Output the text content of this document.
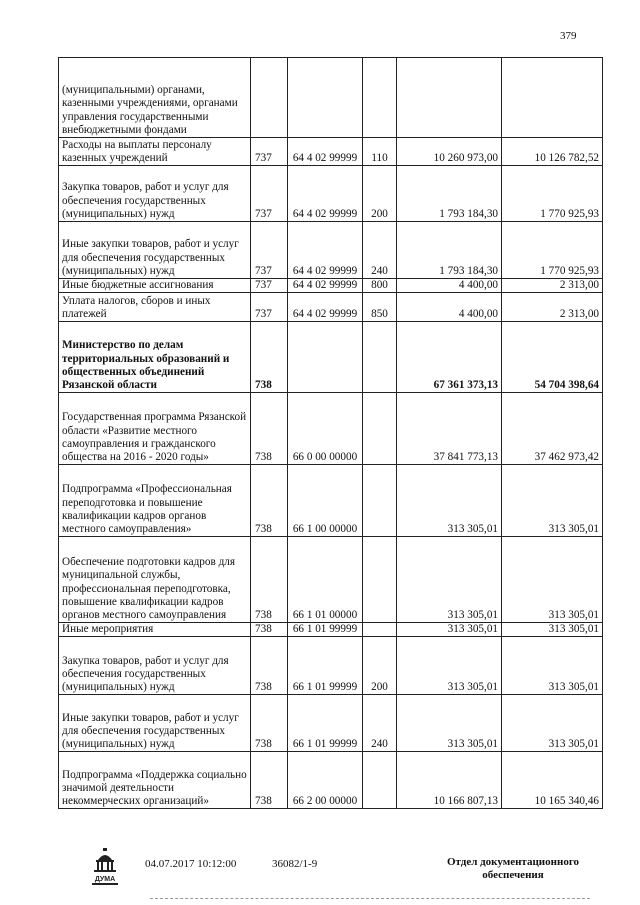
379
(муниципальными) органами, казенными учреждениями, органами управления государственными внебюджетными фондами					
Расходы на выплаты персоналу казенных учреждений	737	64 4 02 99999	110	10 260 973,00	10 126 782,52
Закупка товаров, работ и услуг для обеспечения государственных (муниципальных) нужд	737	64 4 02 99999	200	1 793 184,30	1 770 925,93
Иные закупки товаров, работ и услуг для обеспечения государственных (муниципальных) нужд	737	64 4 02 99999	240	1 793 184,30	1 770 925,93
Иные бюджетные ассигнования	737	64 4 02 99999	800	4 400,00	2 313,00
Уплата налогов, сборов и иных платежей	737	64 4 02 99999	850	4 400,00	2 313,00
Министерство по делам территориальных образований и общественных объединений Рязанской области	738			67 361 373,13	54 704 398,64
Государственная программа Рязанской области «Развитие местного самоуправления и гражданского общества на 2016 - 2020 годы»	738	66 0 00 00000		37 841 773,13	37 462 973,42
Подпрограмма «Профессиональная переподготовка и повышение квалификации кадров органов местного самоуправления»	738	66 1 00 00000		313 305,01	313 305,01
Обеспечение подготовки кадров для муниципальной службы, профессиональная переподготовка, повышение квалификации кадров органов местного самоуправления	738	66 1 01 00000		313 305,01	313 305,01
Иные мероприятия	738	66 1 01 99999		313 305,01	313 305,01
Закупка товаров, работ и услуг для обеспечения государственных (муниципальных) нужд	738	66 1 01 99999	200	313 305,01	313 305,01
Иные закупки товаров, работ и услуг для обеспечения государственных (муниципальных) нужд	738	66 1 01 99999	240	313 305,01	313 305,01
Подпрограмма «Поддержка социально значимой деятельности некоммерческих организаций»	738	66 2 00 00000		10 166 807,13	10 165 340,46
ДУМА
04.07.2017 10:12:00	36082/1-9	Отдел документационного
обеспечения
